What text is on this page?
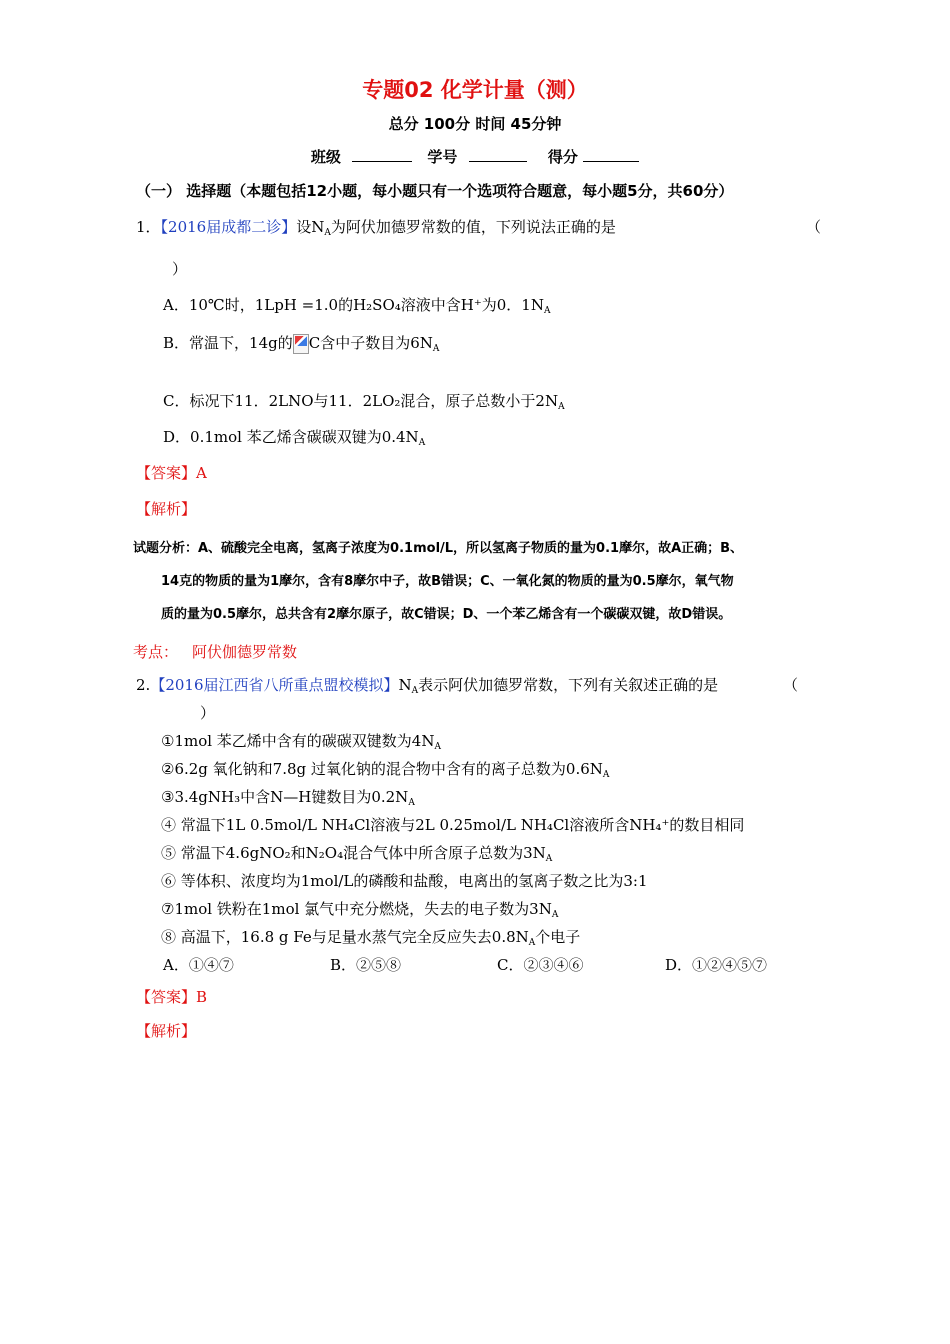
专题02 化学计量（测）
总分 100分 时间 45分钟
班级	学号	得分
（一） 选择题（本题包括12小题，每小题只有一个选项符合题意，每小题5分，共60分）
1．【2016届成都二诊】设$N_A$为阿伏加德罗常数的值，下列说法正确的是	（
）
A．10℃时，1LpH =1.0的H₂SO₄溶液中含H⁺为0．$1N_A$
B．常温下，14g的 C含中子数目为$6N_A$
C．标况下11．2LNO与11．2LO₂混合，原子总数小于$2N_A$
D．0.1mol 苯乙烯含碳碳双键为$0.4N_A$
【答案】A
【解析】
试题分析：A、硫酸完全电离，氢离子浓度为0.1mol/L，所以氢离子物质的量为0.1摩尔，故A正确；B、
14克的物质的量为1摩尔，含有8摩尔中子，故B错误；C、一氧化氮的物质的量为0.5摩尔，氧气物
质的量为0.5摩尔，总共含有2摩尔原子，故C错误；D、一个苯乙烯含有一个碳碳双键，故D错误。
考点： 阿伏伽德罗常数
2.【2016届江西省八所重点盟校模拟】$N_A$表示阿伏加德罗常数，下列有关叙述正确的是	（
）
①1mol 苯乙烯中含有的碳碳双键数为$4N_A$
②6.2g 氧化钠和7.8g 过氧化钠的混合物中含有的离子总数为$0.6N_A$
③3.4gNH₃中含N—H键数目为$0.2N_A$
④ 常温下1L 0.5mol/L NH₄Cl溶液与2L 0.25mol/L NH₄Cl溶液所含NH₄⁺的数目相同
⑤ 常温下4.6gNO₂和N₂O₄混合气体中所含原子总数为$3N_A$
⑥ 等体积、浓度均为1mol/L的磷酸和盐酸，电离出的氢离子数之比为3:1
⑦1mol 铁粉在1mol 氯气中充分燃烧，失去的电子数为$3N_A$
⑧ 高温下，16.8 g Fe与足量水蒸气完全反应失去$0.8N_A$个电子
A．①④⑦	B．②⑤⑧	C．②③④⑥	D．①②④⑤⑦
【答案】B
【解析】
